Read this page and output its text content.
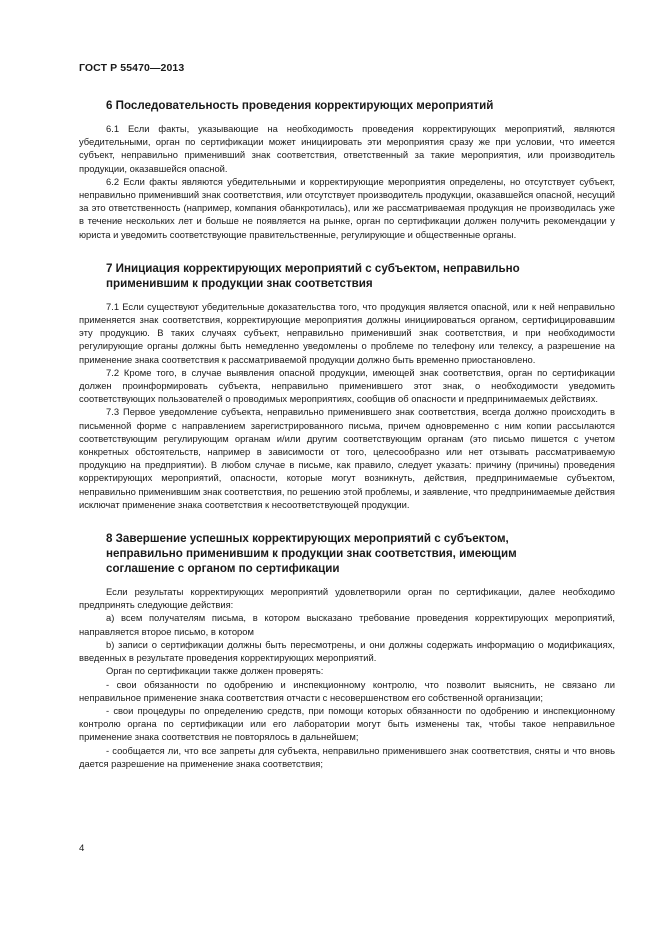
ГОСТ Р 55470—2013
6 Последовательность проведения корректирующих мероприятий

6.1 Если факты, указывающие на необходимость проведения корректирующих мероприятий, являются убедительными, орган по сертификации может инициировать эти мероприятия сразу же при условии, что имеется субъект, неправильно применивший знак соответствия, ответственный за такие мероприятия, или производитель продукции, оказавшейся опасной.

6.2 Если факты являются убедительными и корректирующие мероприятия определены, но отсутствует субъект, неправильно применивший знак соответствия, или отсутствует производитель продукции, оказавшейся опасной, несущий за это ответственность (например, компания обанкротилась), или же рассматриваемая продукция не производилась уже в течение нескольких лет и больше не появляется на рынке, орган по сертификации должен получить рекомендации у юриста и уведомить соответствующие правительственные, регулирующие и общественные органы.

7 Инициация корректирующих мероприятий с субъектом, неправильно
применившим к продукции знак соответствия

7.1 Если существуют убедительные доказательства того, что продукция является опасной, или к ней неправильно применяется знак соответствия, корректирующие мероприятия должны инициироваться органом, сертифицировавшим эту продукцию. В таких случаях субъект, неправильно применивший знак соответствия, и при необходимости регулирующие органы должны быть немедленно уведомлены о проблеме по телефону или телексу, а разрешение на применение знака соответствия к рассматриваемой продукции должно быть временно приостановлено.

7.2 Кроме того, в случае выявления опасной продукции, имеющей знак соответствия, орган по сертификации должен проинформировать субъекта, неправильно применившего этот знак, о необходимости уведомить соответствующих пользователей о проводимых мероприятиях, сообщив об опасности и предпринимаемых действиях.

7.3 Первое уведомление субъекта, неправильно применившего знак соответствия, всегда должно происходить в письменной форме с направлением зарегистрированного письма, причем одновременно с ним копии рассылаются соответствующим регулирующим органам и/или другим соответствующим органам (это письмо пишется с учетом конкретных обстоятельств, например в зависимости от того, целесообразно или нет отзывать рассматриваемую продукцию на предприятии). В любом случае в письме, как правило, следует указать: причину (причины) проведения корректирующих мероприятий, опасности, которые могут возникнуть, действия, предпринимаемые субъектом, неправильно применившим знак соответствия, по решению этой проблемы, и заявление, что предпринимаемые действия исключат применение знака соответствия к несоответствующей продукции.

8 Завершение успешных корректирующих мероприятий с субъектом,
неправильно применившим к продукции знак соответствия, имеющим
соглашение с органом по сертификации

Если результаты корректирующих мероприятий удовлетворили орган по сертификации, далее необходимо предпринять следующие действия:

a) всем получателям письма, в котором высказано требование проведения корректирующих мероприятий, направляется второе письмо, в котором

b) записи о сертификации должны быть пересмотрены, и они должны содержать информацию о модификациях, введенных в результате проведения корректирующих мероприятий.

Орган по сертификации также должен проверять:

- свои обязанности по одобрению и инспекционному контролю, что позволит выяснить, не связано ли неправильное применение знака соответствия отчасти с несовершенством его собственной организации;

- свои процедуры по определению средств, при помощи которых обязанности по одобрению и инспекционному контролю органа по сертификации или его лаборатории могут быть изменены так, чтобы такое неправильное применение знака соответствия не повторялось в дальнейшем;

- сообщается ли, что все запреты для субъекта, неправильно применившего знак соответствия, сняты и что вновь дается разрешение на применение знака соответствия;

4
